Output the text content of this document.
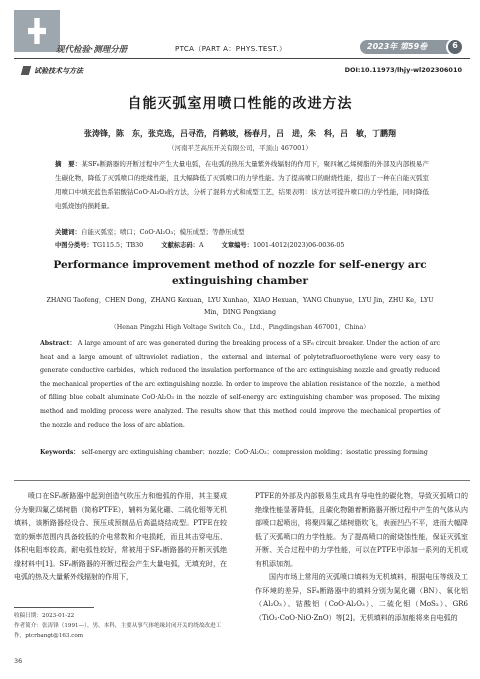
现代检验·测理分册	PTCA（PART A：PHYS.TEST.）	2023年 第59卷	6
试验技术与方法	DOI:10.11973/lhjy-wl202306010
自能灭弧室用喷口性能的改进方法
张涛锋，陈　东，张克选，吕寻浩，肖鹤玻，杨春月，吕　进，朱　科，吕　敏，丁鹏翔
（河南平芝高压开关有限公司，平顶山 467001）
摘　要：某SF₆断路器的开断过程中产生大量电弧，在电弧的热压大量紫外线辐射的作用下，聚四氟乙烯树脂的外部及内部极易产生碳化物，降低了灭弧喷口的绝缘性能，且大幅降低了灭弧喷口的力学性能。为了提高喷口的耐烧性能，提出了一种在自能灭弧室用喷口中填充蓝色系铝酸钴CoO·Al₂O₃的方法，分析了混料方式和成型工艺，结果表明：该方法可提升喷口的力学性能，同时降低电弧烧蚀的损耗量。
关键词：自能灭弧室；喷口；CoO·Al₂O₃；模压成型；等静压成型
中图分类号：TG115.5；TB30	文献标志码：A	文章编号：1001-4012(2023)06-0036-05
Performance improvement method of nozzle for self-energy arc extinguishing chamber
ZHANG Taofeng，CHEN Dong，ZHANG Kexuan，LYU Xunhao，XIAO Hexuan，YANG Chunyue，LYU Jin，ZHU Ke，LYU Min，DING Pengxiang
（Henan Pingzhi High Voltage Switch Co.，Ltd.，Pingdingshan 467001，China）
Abstract： A large amount of arc was generated during the breaking process of a SF₆ circuit breaker. Under the action of arc heat and a large amount of ultraviolet radiation，the external and internal of polytetrafluoroethylene were very easy to generate conductive carbides，which reduced the insulation performance of the arc extinguishing nozzle and greatly reduced the mechanical properties of the arc extinguishing nozzle. In order to improve the ablation resistance of the nozzle，a method of filling blue cobalt aluminate CoO·Al₂O₃ in the nozzle of self-energy arc extinguishing chamber was proposed. The mixing method and molding process were analyzed. The results show that this method could improve the mechanical properties of the nozzle and reduce the loss of arc ablation.
Keywords： self-energy arc extinguishing chamber；nozzle；CoO·Al₂O₃；compression molding；isostatic pressing forming

喷口在SF₆断路器中起到创造气吹压力和熄弧的作用，其主要成分为聚四氟乙烯树脂（简称PTFE），辅料为氮化硼、二硫化钼等无机填料，该断路器经设合、预压成预制品后高温烧结成型。PTFE在较宽的频率范围内具备较低的介电常数和介电损耗，而且其击穿电压、体积电阻率较高，耐电弧性较好，常被用于SF₆断路器的开断灭弧绝缘材料中[1]。SF₆断路器的开断过程会产生大量电弧，无填充时，在电弧的热及大量紫外线辐射的作用下，

PTFE的外部及内部极易生成具有导电性的碳化物，导致灭弧喷口的绝缘性能显著降低，且碳化物随着断路器开断过程中产生的气体从内部喷口起喷出，将聚四氟乙烯树脂吹飞，表面凹凸不平，进而大幅降低了灭弧喷口的力学性能。为了提高喷口的耐烧蚀性能，保证灭弧室开断、关合过程中的力学性能，可以在PTFE中添加一系列的无机或有机添加剂。

国内市场上常用的灭弧喷口填料为无机填料，根据电压等级及工作环境的差异，SF₆断路器中的填料分别为氮化硼（BN）、氧化铝（Al₂O₃）、钴酸铝（CoO·Al₂O₃）、二硫化钼（MoS₂）、GR6（TiO₂·CoO·NiO·ZnO）等[2]。无机填料的添加能将来自电弧的

收稿日期：2023-01-22
作者简介：张涛锋（1991—），男，本科，主要从事气体绝缘封闭开关的绕故改进工作，ptcrbangt@163.com
36
